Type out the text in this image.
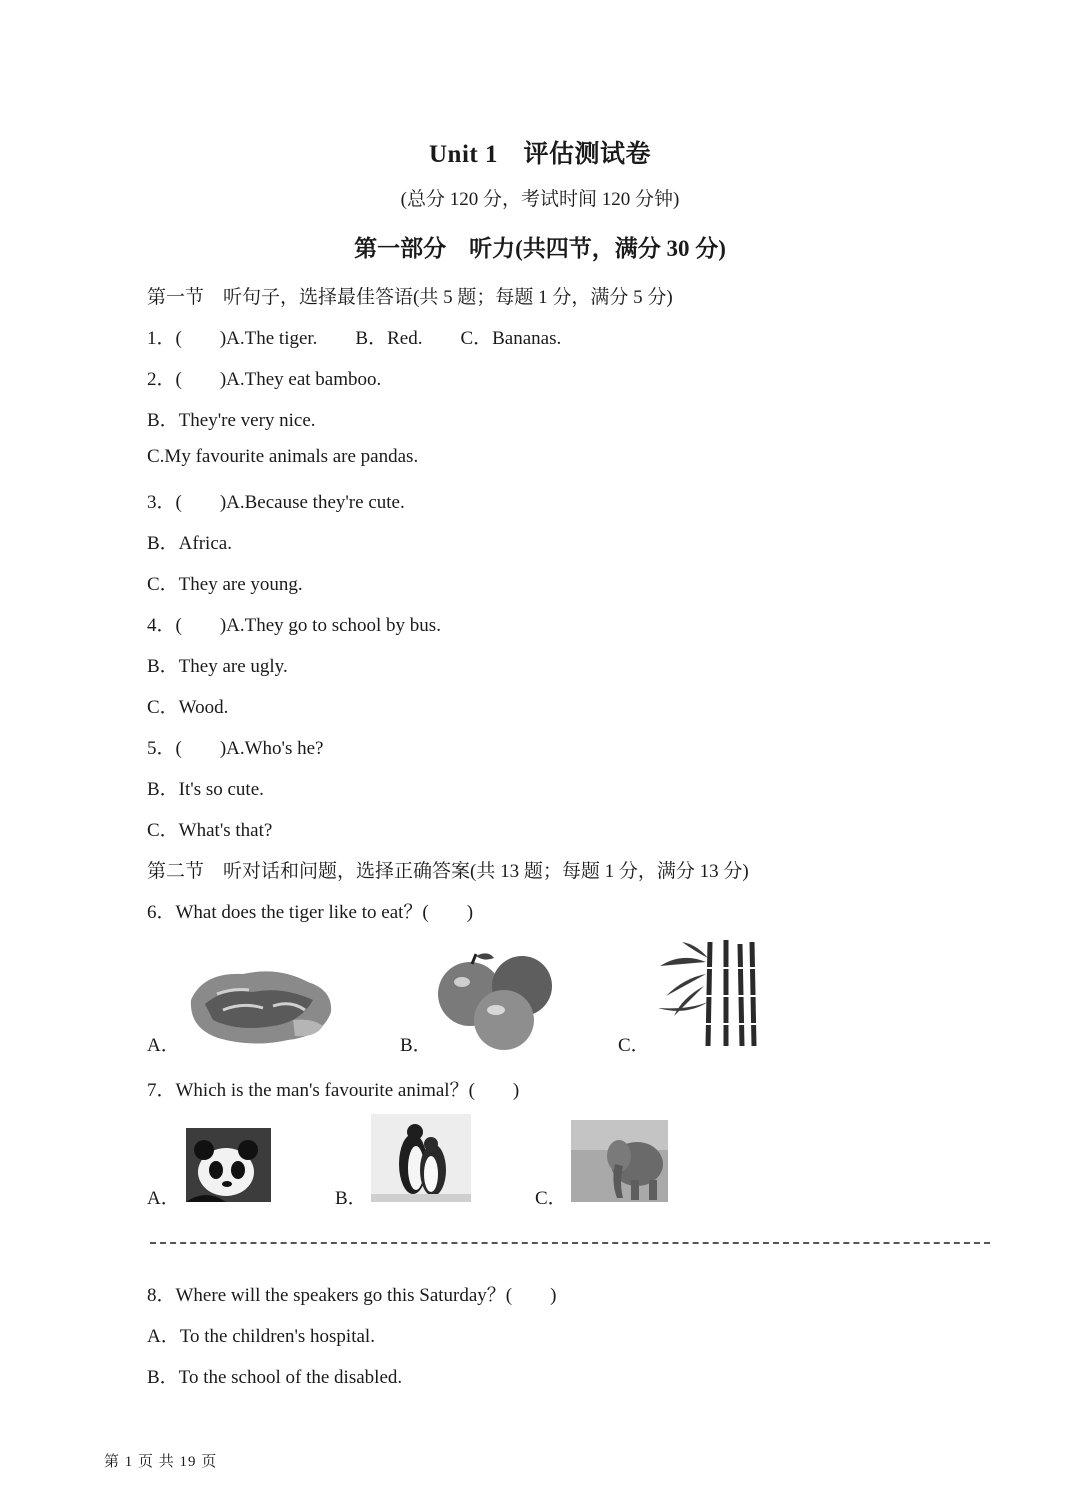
Unit 1　评估测试卷
(总分 120 分，考试时间 120 分钟)
第一部分　听力(共四节，满分 30 分)
第一节　听句子，选择最佳答语(共 5 题；每题 1 分，满分 5 分)
1．(　　)A.The tiger.　　B．Red.　　C．Bananas.
2．(　　)A.They eat bamboo.
B．They're very nice.
C.My favourite animals are pandas.
3．(　　)A.Because they're cute.
B．Africa.
C．They are young.
4．(　　)A.They go to school by bus.
B．They are ugly.
C．Wood.
5．(　　)A.Who's he?
B．It's so cute.
C．What's that?
第二节　听对话和问题，选择正确答案(共 13 题；每题 1 分，满分 13 分)
6．What does the tiger like to eat？(　　)
A．	B．	C．
7．Which is the man's favourite animal？(　　)
A．	B．	C．
8．Where will the speakers go this Saturday？(　　)
A．To the children's hospital.
B．To the school of the disabled.
第 1 页 共 19 页
